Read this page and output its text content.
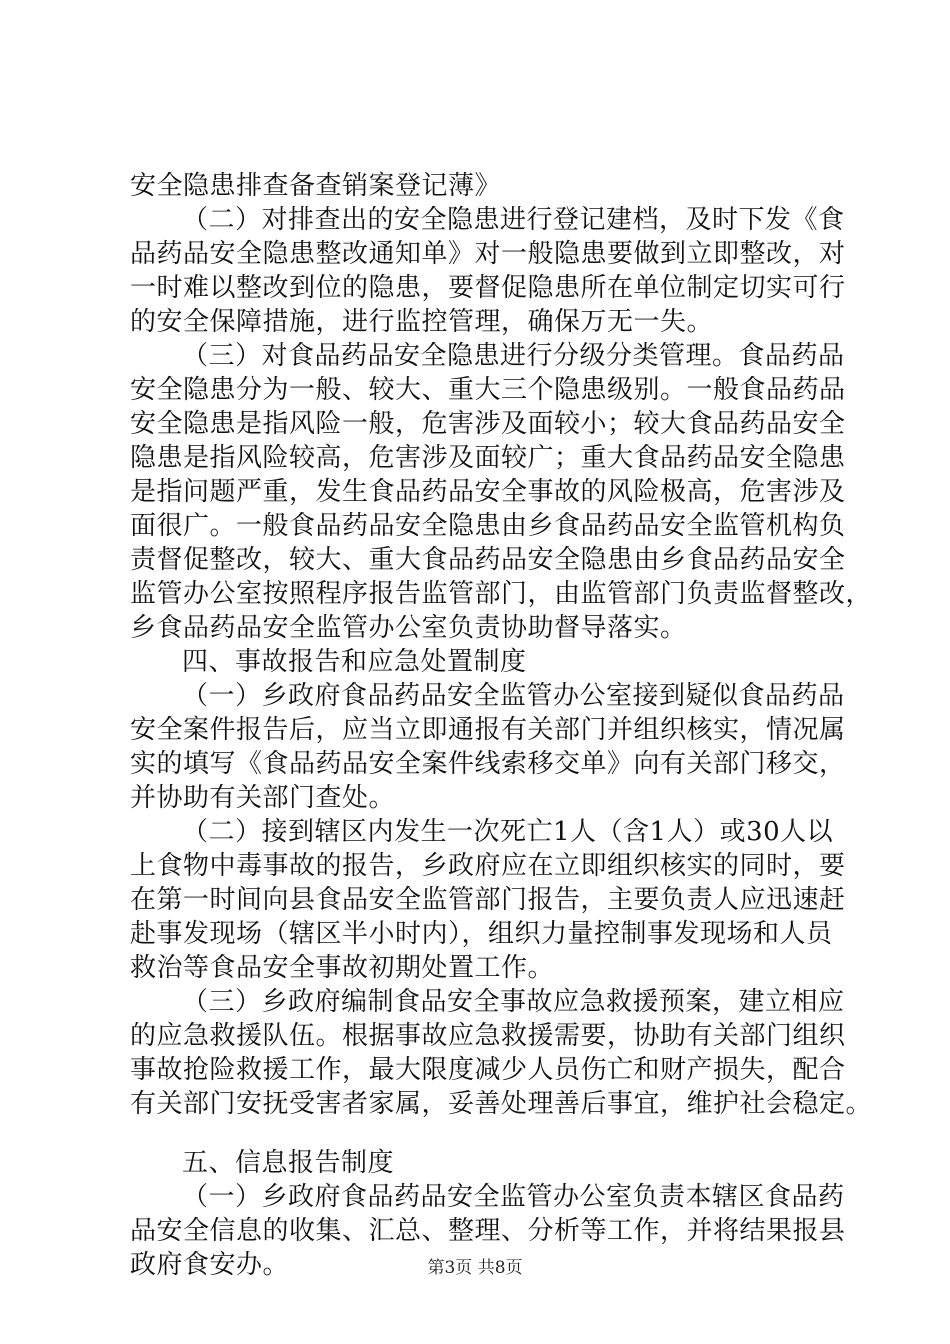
安全隐患排查备查销案登记薄》
（二）对排查出的安全隐患进行登记建档，及时下发《食
品药品安全隐患整改通知单》对一般隐患要做到立即整改，对
一时难以整改到位的隐患，要督促隐患所在单位制定切实可行
的安全保障措施，进行监控管理，确保万无一失。
（三）对食品药品安全隐患进行分级分类管理。食品药品
安全隐患分为一般、较大、重大三个隐患级别。一般食品药品
安全隐患是指风险一般，危害涉及面较小；较大食品药品安全
隐患是指风险较高，危害涉及面较广；重大食品药品安全隐患
是指问题严重，发生食品药品安全事故的风险极高，危害涉及
面很广。一般食品药品安全隐患由乡食品药品安全监管机构负
责督促整改，较大、重大食品药品安全隐患由乡食品药品安全
监管办公室按照程序报告监管部门，由监管部门负责监督整改，
乡食品药品安全监管办公室负责协助督导落实。
四、事故报告和应急处置制度
（一）乡政府食品药品安全监管办公室接到疑似食品药品
安全案件报告后，应当立即通报有关部门并组织核实，情况属
实的填写《食品药品安全案件线索移交单》向有关部门移交，
并协助有关部门查处。
（二）接到辖区内发生一次死亡1人（含1人）或30人以
上食物中毒事故的报告，乡政府应在立即组织核实的同时，要
在第一时间向县食品安全监管部门报告，主要负责人应迅速赶
赴事发现场（辖区半小时内），组织力量控制事发现场和人员
救治等食品安全事故初期处置工作。
（三）乡政府编制食品安全事故应急救援预案，建立相应
的应急救援队伍。根据事故应急救援需要，协助有关部门组织
事故抢险救援工作，最大限度减少人员伤亡和财产损失，配合
有关部门安抚受害者家属，妥善处理善后事宜，维护社会稳定。
五、信息报告制度
（一）乡政府食品药品安全监管办公室负责本辖区食品药
品安全信息的收集、汇总、整理、分析等工作，并将结果报县
政府食安办。	第3页 共8页
